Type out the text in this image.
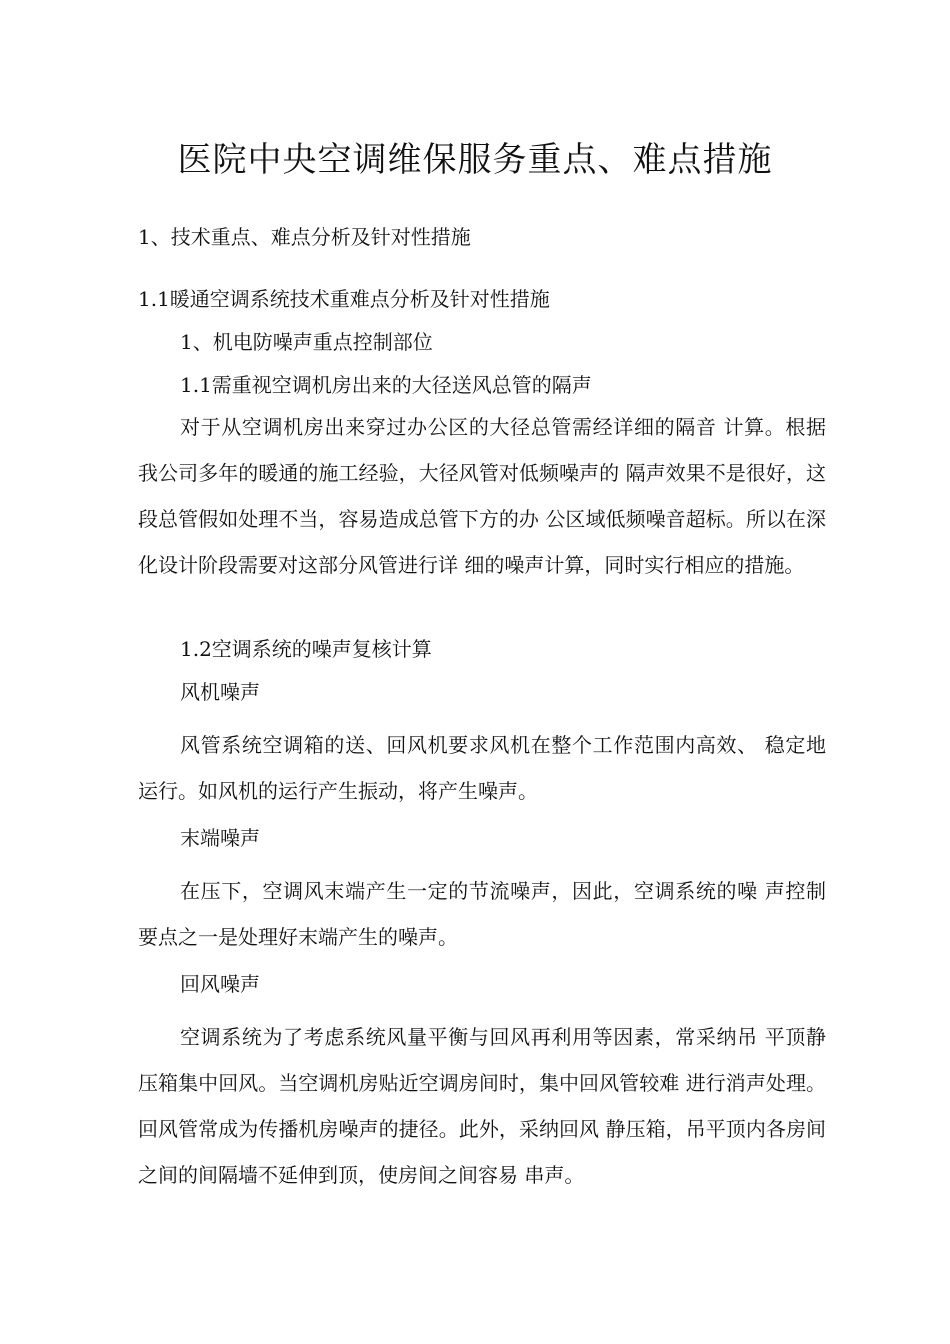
医院中央空调维保服务重点、难点措施
1、技术重点、难点分析及针对性措施
1.1暖通空调系统技术重难点分析及针对性措施
1、机电防噪声重点控制部位
1.1需重视空调机房出来的大径送风总管的隔声

对于从空调机房出来穿过办公区的大径总管需经详细的隔音 计算。根据我公司多年的暖通的施工经验，大径风管对低频噪声的 隔声效果不是很好，这段总管假如处理不当，容易造成总管下方的办 公区域低频噪音超标。所以在深化设计阶段需要对这部分风管进行详 细的噪声计算，同时实行相应的措施。

1.2空调系统的噪声复核计算
风机噪声

风管系统空调箱的送、回风机要求风机在整个工作范围内高效、 稳定地运行。如风机的运行产生振动，将产生噪声。

末端噪声

在压下，空调风末端产生一定的节流噪声，因此，空调系统的噪 声控制要点之一是处理好末端产生的噪声。

回风噪声

空调系统为了考虑系统风量平衡与回风再利用等因素，常采纳吊 平顶静压箱集中回风。当空调机房贴近空调房间时，集中回风管较难 进行消声处理。回风管常成为传播机房噪声的捷径。此外，采纳回风 静压箱，吊平顶内各房间之间的间隔墙不延伸到顶，使房间之间容易 串声。
